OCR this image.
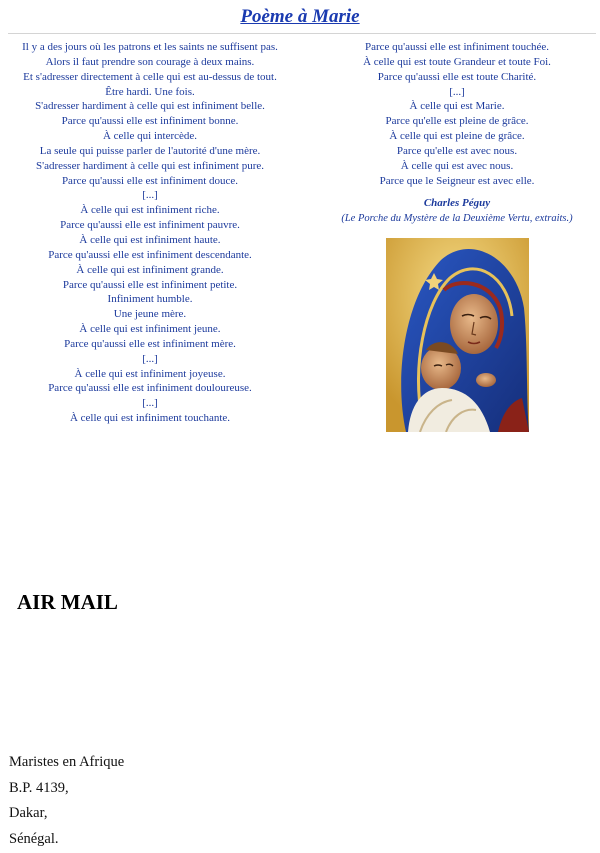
Poème à Marie
Il y a des jours où les patrons et les saints ne suffisent pas.
Alors il faut prendre son courage à deux mains.
Et s'adresser directement à celle qui est au-dessus de tout.
Être hardi. Une fois.
S'adresser hardiment à celle qui est infiniment belle.
Parce qu'aussi elle est infiniment bonne.
À celle qui intercède.
La seule qui puisse parler de l'autorité d'une mère.
S'adresser hardiment à celle qui est infiniment pure.
Parce qu'aussi elle est infiniment douce.
[...]
À celle qui est infiniment riche.
Parce qu'aussi elle est infiniment pauvre.
À celle qui est infiniment haute.
Parce qu'aussi elle est infiniment descendante.
À celle qui est infiniment grande.
Parce qu'aussi elle est infiniment petite.
Infiniment humble.
Une jeune mère.
À celle qui est infiniment jeune.
Parce qu'aussi elle est infiniment mère.
[...]
À celle qui est infiniment joyeuse.
Parce qu'aussi elle est infiniment douloureuse.
[...]
À celle qui est infiniment touchante.
Parce qu'aussi elle est infiniment touchée.
À celle qui est toute Grandeur et toute Foi.
Parce qu'aussi elle est toute Charité.
[...]
À celle qui est Marie.
Parce qu'elle est pleine de grâce.
À celle qui est pleine de grâce.
Parce qu'elle est avec nous.
À celle qui est avec nous.
Parce que le Seigneur est avec elle.
Charles Péguy
(Le Porche du Mystère de la Deuxième Vertu, extraits.)
AIR MAIL
Maristes en Afrique
B.P. 4139,
Dakar,
Sénégal.
